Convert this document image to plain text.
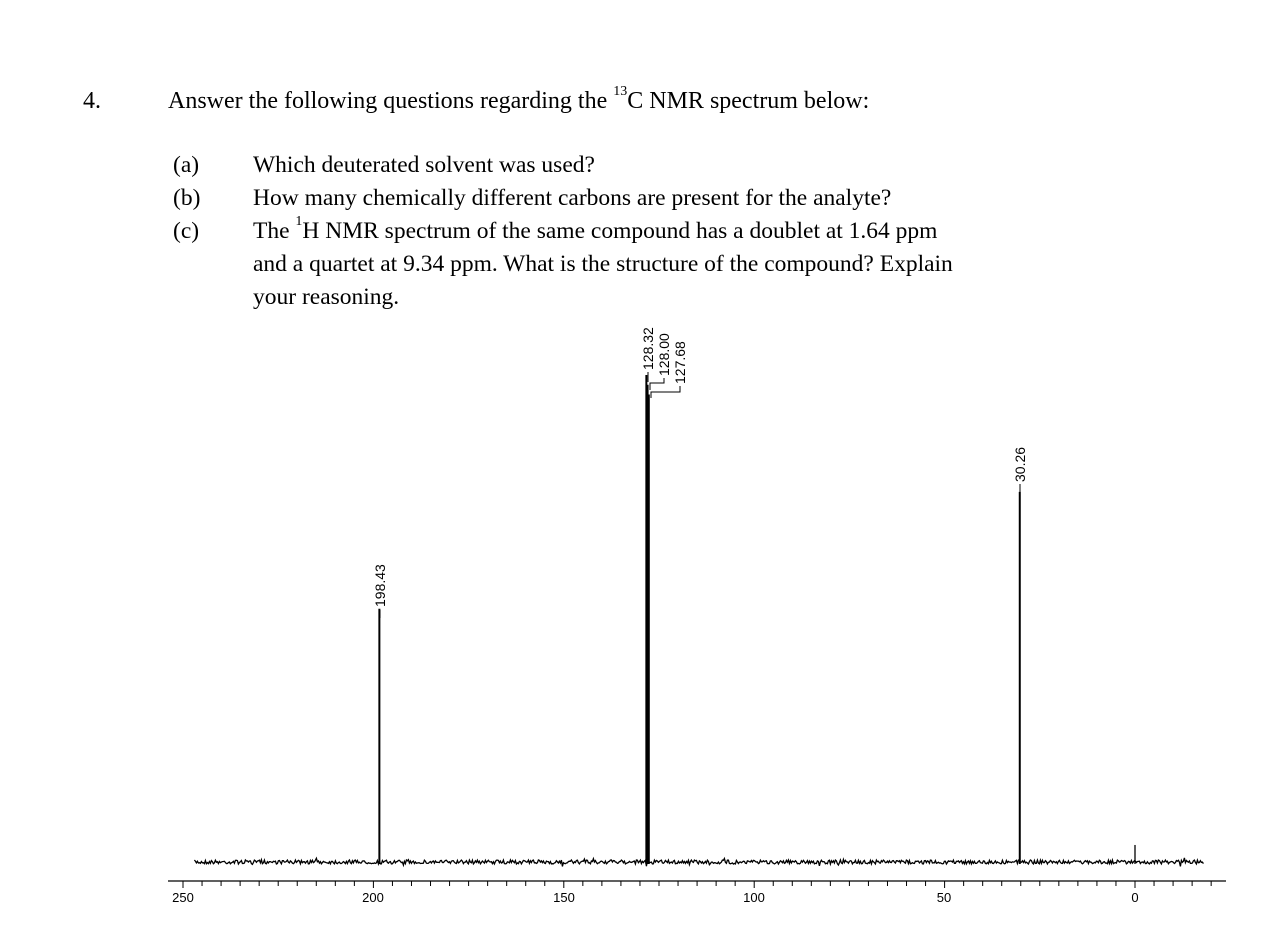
4.	Answer the following questions regarding the $^{13}$C NMR spectrum below:
(a) Which deuterated solvent was used?
(b) How many chemically different carbons are present for the analyte?
(c) The $^1$H NMR spectrum of the same compound has a doublet at 1.64 ppm
and a quartet at 9.34 ppm. What is the structure of the compound? Explain
your reasoning.
198.43
128.32 128.00 127.68
30.26
250	200	150	100	50	0
